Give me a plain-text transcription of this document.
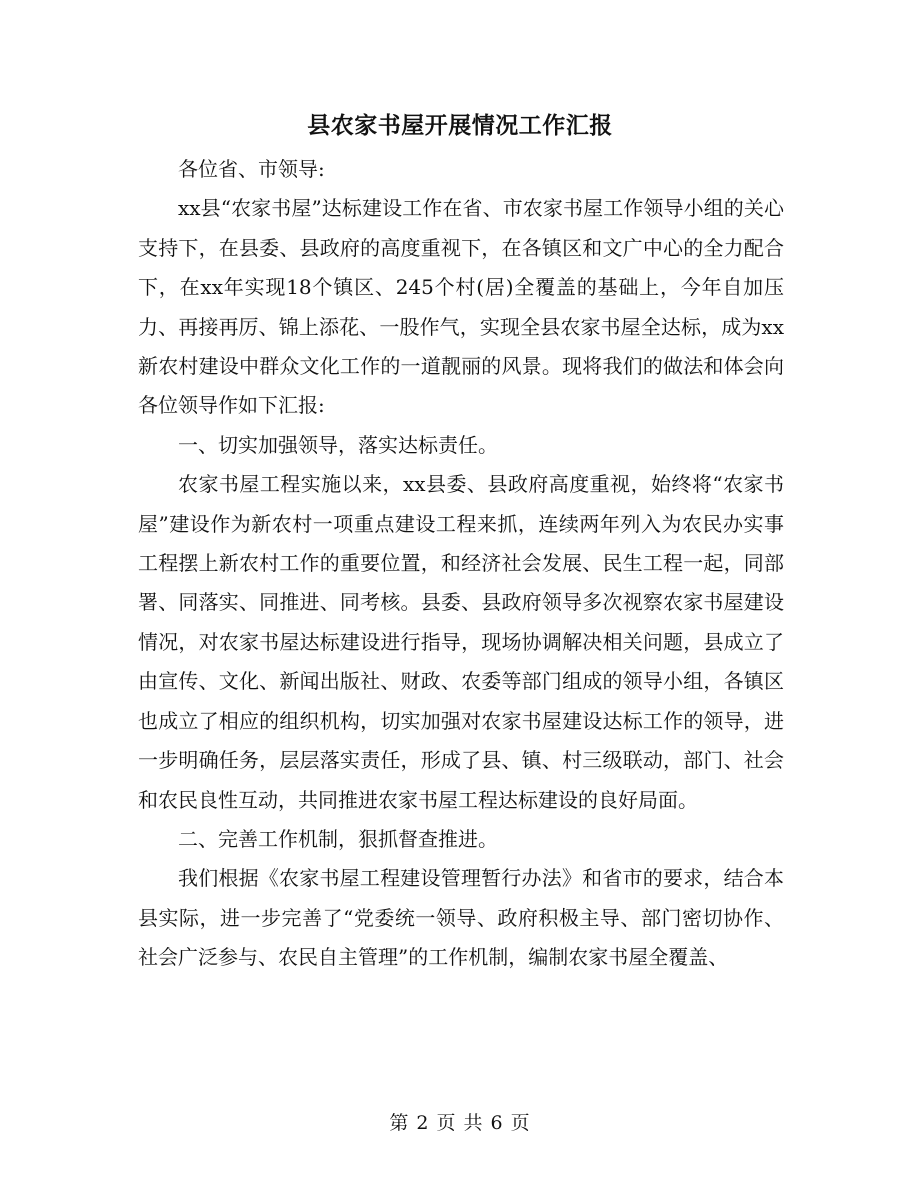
县农家书屋开展情况工作汇报

各位省、市领导:

xx县“农家书屋”达标建设工作在省、市农家书屋工作领导小组的关心支持下，在县委、县政府的高度重视下，在各镇区和文广中心的全力配合下，在xx年实现18个镇区、245个村(居)全覆盖的基础上，今年自加压力、再接再厉、锦上添花、一股作气，实现全县农家书屋全达标，成为xx新农村建设中群众文化工作的一道靓丽的风景。现将我们的做法和体会向各位领导作如下汇报:

一、切实加强领导，落实达标责任。

农家书屋工程实施以来，xx县委、县政府高度重视，始终将“农家书屋”建设作为新农村一项重点建设工程来抓，连续两年列入为农民办实事工程摆上新农村工作的重要位置，和经济社会发展、民生工程一起，同部署、同落实、同推进、同考核。县委、县政府领导多次视察农家书屋建设情况，对农家书屋达标建设进行指导，现场协调解决相关问题，县成立了由宣传、文化、新闻出版社、财政、农委等部门组成的领导小组，各镇区也成立了相应的组织机构，切实加强对农家书屋建设达标工作的领导，进一步明确任务，层层落实责任，形成了县、镇、村三级联动，部门、社会和农民良性互动，共同推进农家书屋工程达标建设的良好局面。

二、完善工作机制，狠抓督查推进。

我们根据《农家书屋工程建设管理暂行办法》和省市的要求，结合本县实际，进一步完善了“党委统一领导、政府积极主导、部门密切协作、社会广泛参与、农民自主管理”的工作机制，编制农家书屋全覆盖、

第 2 页 共 6 页
